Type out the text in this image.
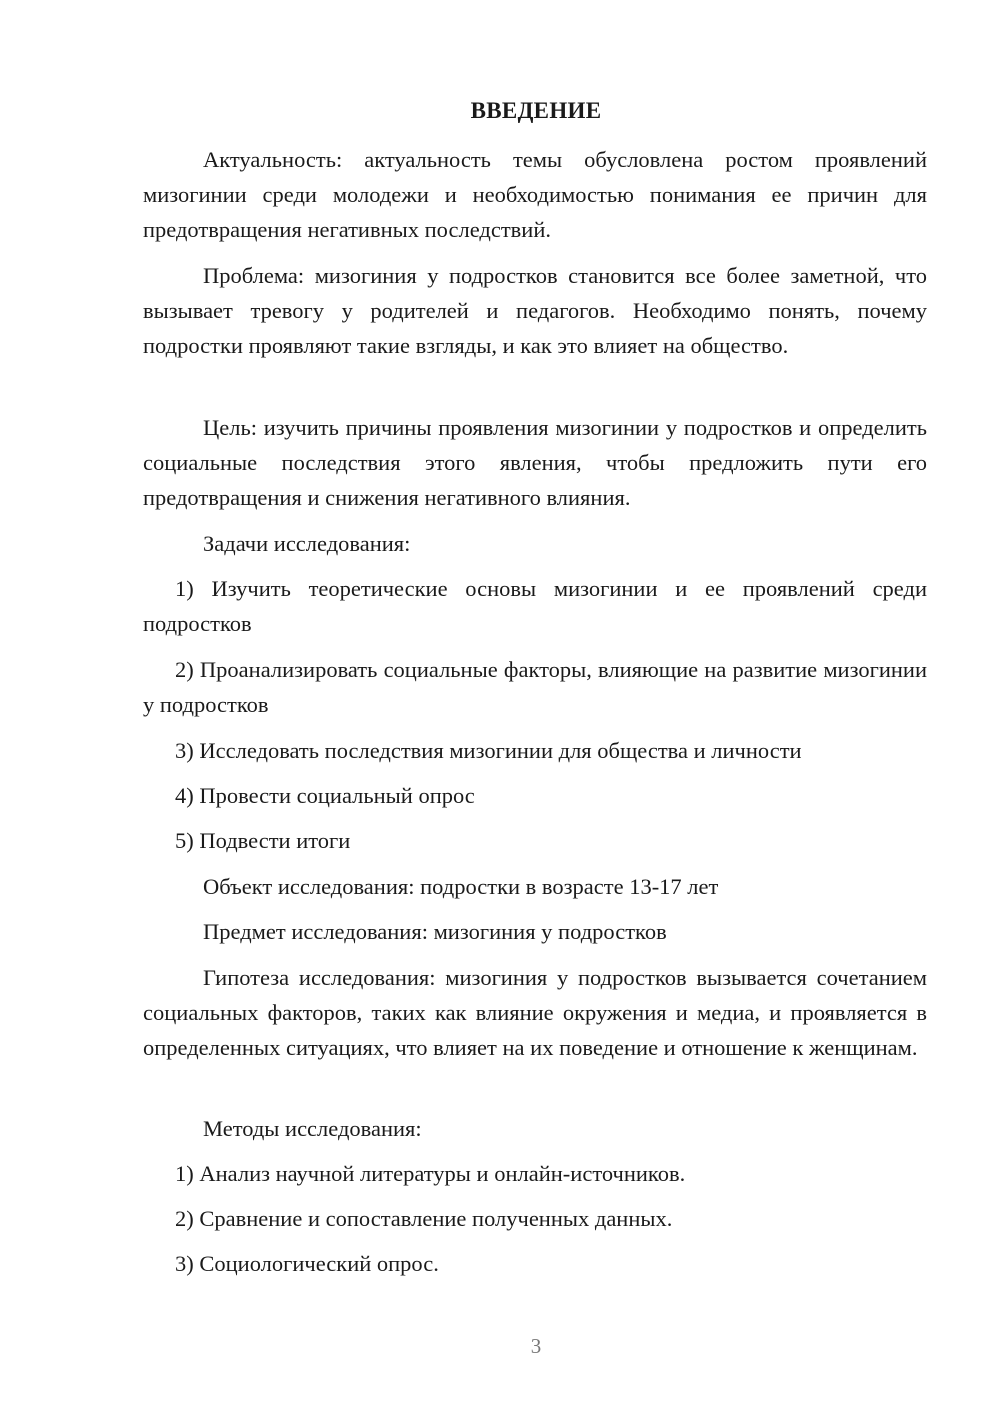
ВВЕДЕНИЕ

Актуальность: актуальность темы обусловлена ростом проявлений мизогинии среди молодежи и необходимостью понимания ее причин для предотвращения негативных последствий.

Проблема: мизогиния у подростков становится все более заметной, что вызывает тревогу у родителей и педагогов. Необходимо понять, почему подростки проявляют такие взгляды, и как это влияет на общество.

Цель: изучить причины проявления мизогинии у подростков и определить социальные последствия этого явления, чтобы предложить пути его предотвращения и снижения негативного влияния.

Задачи исследования:

1) Изучить теоретические основы мизогинии и ее проявлений среди подростков

2) Проанализировать социальные факторы, влияющие на развитие мизогинии у подростков

3) Исследовать последствия мизогинии для общества и личности

4) Провести социальный опрос

5) Подвести итоги

Объект исследования: подростки в возрасте 13-17 лет

Предмет исследования: мизогиния у подростков

Гипотеза исследования: мизогиния у подростков вызывается сочетанием социальных факторов, таких как влияние окружения и медиа, и проявляется в определенных ситуациях, что влияет на их поведение и отношение к женщинам.

Методы исследования:

1) Анализ научной литературы и онлайн-источников.

2) Сравнение и сопоставление полученных данных.

3) Социологический опрос.

3
